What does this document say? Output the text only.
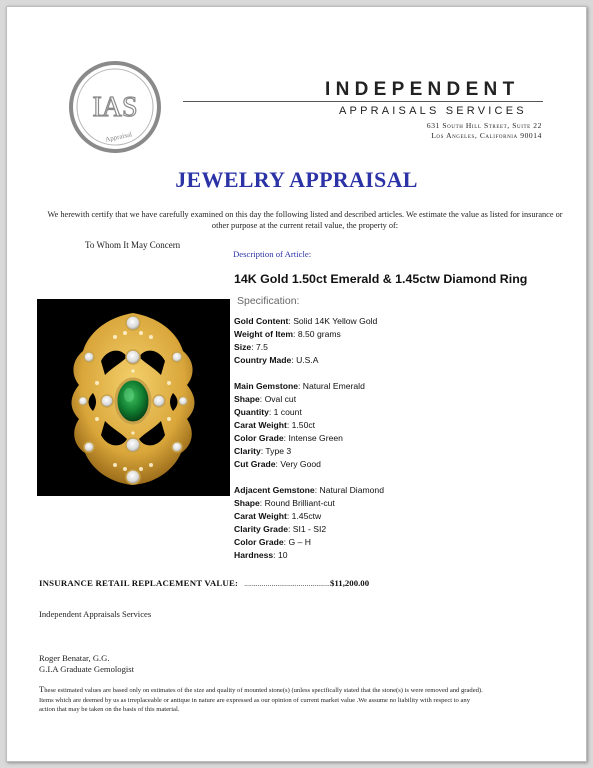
IAS
Appraisal
INDEPENDENT
APPRAISALS SERVICES
631 South Hill Street, Suite 22
Los Angeles, California 90014
JEWELRY APPRAISAL
We herewith certify that we have carefully examined on this day the following listed and described articles. We estimate the value as listed for insurance or other purpose at the current retail value, the property of:
To Whom It May Concern
Description of Article:
14K Gold 1.50ct Emerald & 1.45ctw Diamond Ring
Specification:
Gold Content: Solid 14K Yellow Gold
Weight of Item: 8.50 grams
Size: 7.5
Country Made: U.S.A
Main Gemstone: Natural Emerald
Shape: Oval cut
Quantity: 1 count
Carat Weight: 1.50ct
Color Grade: Intense Green
Clarity: Type 3
Cut Grade: Very Good
Adjacent Gemstone: Natural Diamond
Shape: Round Brilliant-cut
Carat Weight: 1.45ctw
Clarity Grade: SI1 - SI2
Color Grade: G – H
Hardness: 10
INSURANCE RETAIL REPLACEMENT VALUE: ............................................$11,200.00
Independent Appraisals Services
Roger Benatar, G.G.
G.I.A Graduate Gemologist
These estimated values are based only on estimates of the size and quality of mounted stone(s) (unless specifically stated that the stone(s) is were removed and graded). Items which are deemed by us as irreplaceable or antique in nature are expressed as our opinion of current market value .We assume no liability with respect to any action that may be taken on the basis of this material.
